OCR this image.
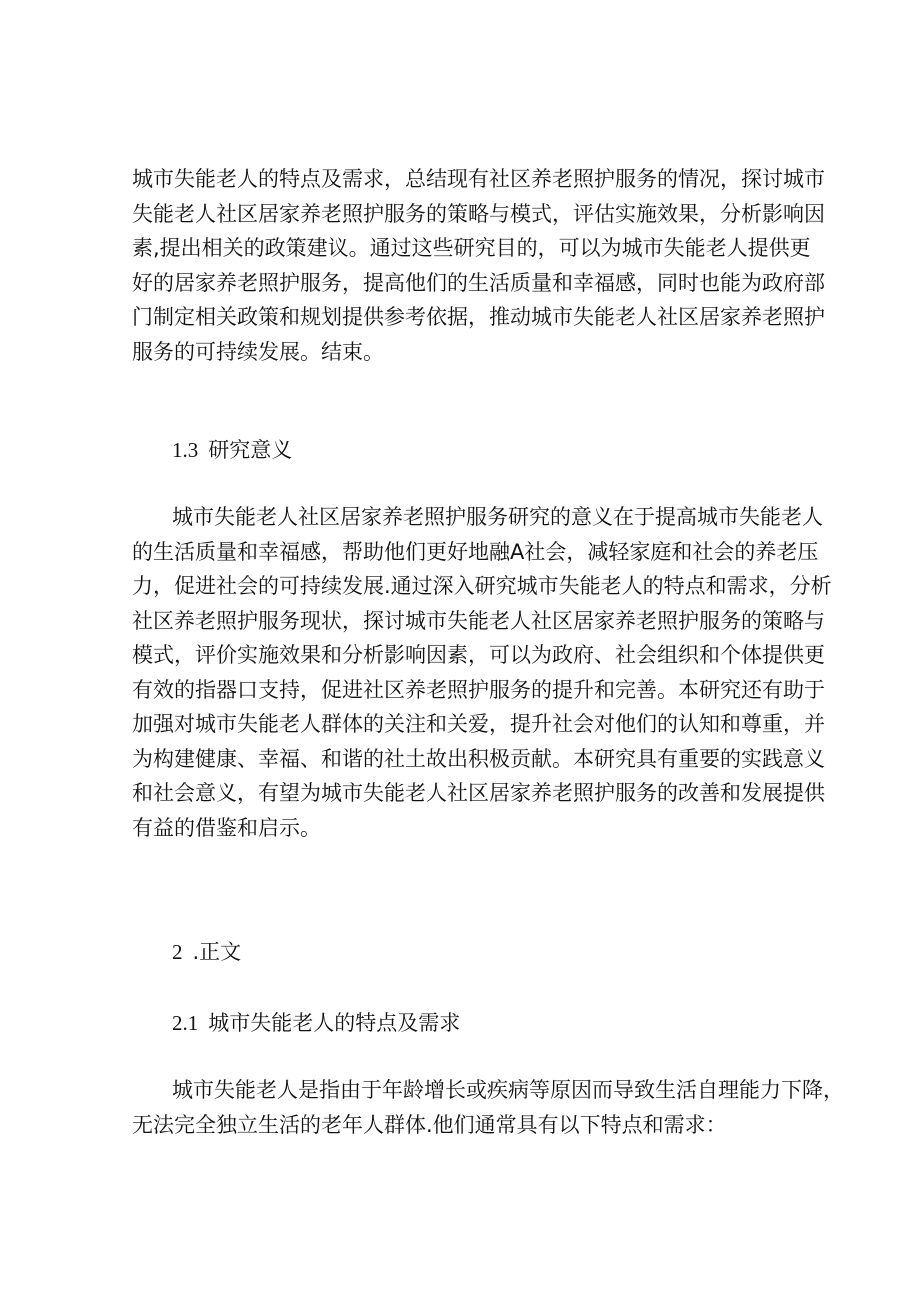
城市失能老人的特点及需求，总结现有社区养老照护服务的情况，探讨城市
失能老人社区居家养老照护服务的策略与模式，评估实施效果，分析影响因
素,提出相关的政策建议。通过这些研究目的，可以为城市失能老人提供更
好的居家养老照护服务，提高他们的生活质量和幸福感，同时也能为政府部
门制定相关政策和规划提供参考依据，推动城市失能老人社区居家养老照护
服务的可持续发展。结束。
1.3 研究意义
城市失能老人社区居家养老照护服务研究的意义在于提高城市失能老人
的生活质量和幸福感，帮助他们更好地融A社会，减轻家庭和社会的养老压
力，促进社会的可持续发展.通过深入研究城市失能老人的特点和需求，分析
社区养老照护服务现状，探讨城市失能老人社区居家养老照护服务的策略与
模式，评价实施效果和分析影响因素，可以为政府、社会组织和个体提供更
有效的指器口支持，促进社区养老照护服务的提升和完善。本研究还有助于
加强对城市失能老人群体的关注和关爱，提升社会对他们的认知和尊重，并
为构建健康、幸福、和谐的社土故出积极贡献。本研究具有重要的实践意义
和社会意义，有望为城市失能老人社区居家养老照护服务的改善和发展提供
有益的借鉴和启示。
2 .正文
2.1 城市失能老人的特点及需求
城市失能老人是指由于年龄增长或疾病等原因而导致生活自理能力下降，
无法完全独立生活的老年人群体.他们通常具有以下特点和需求：
